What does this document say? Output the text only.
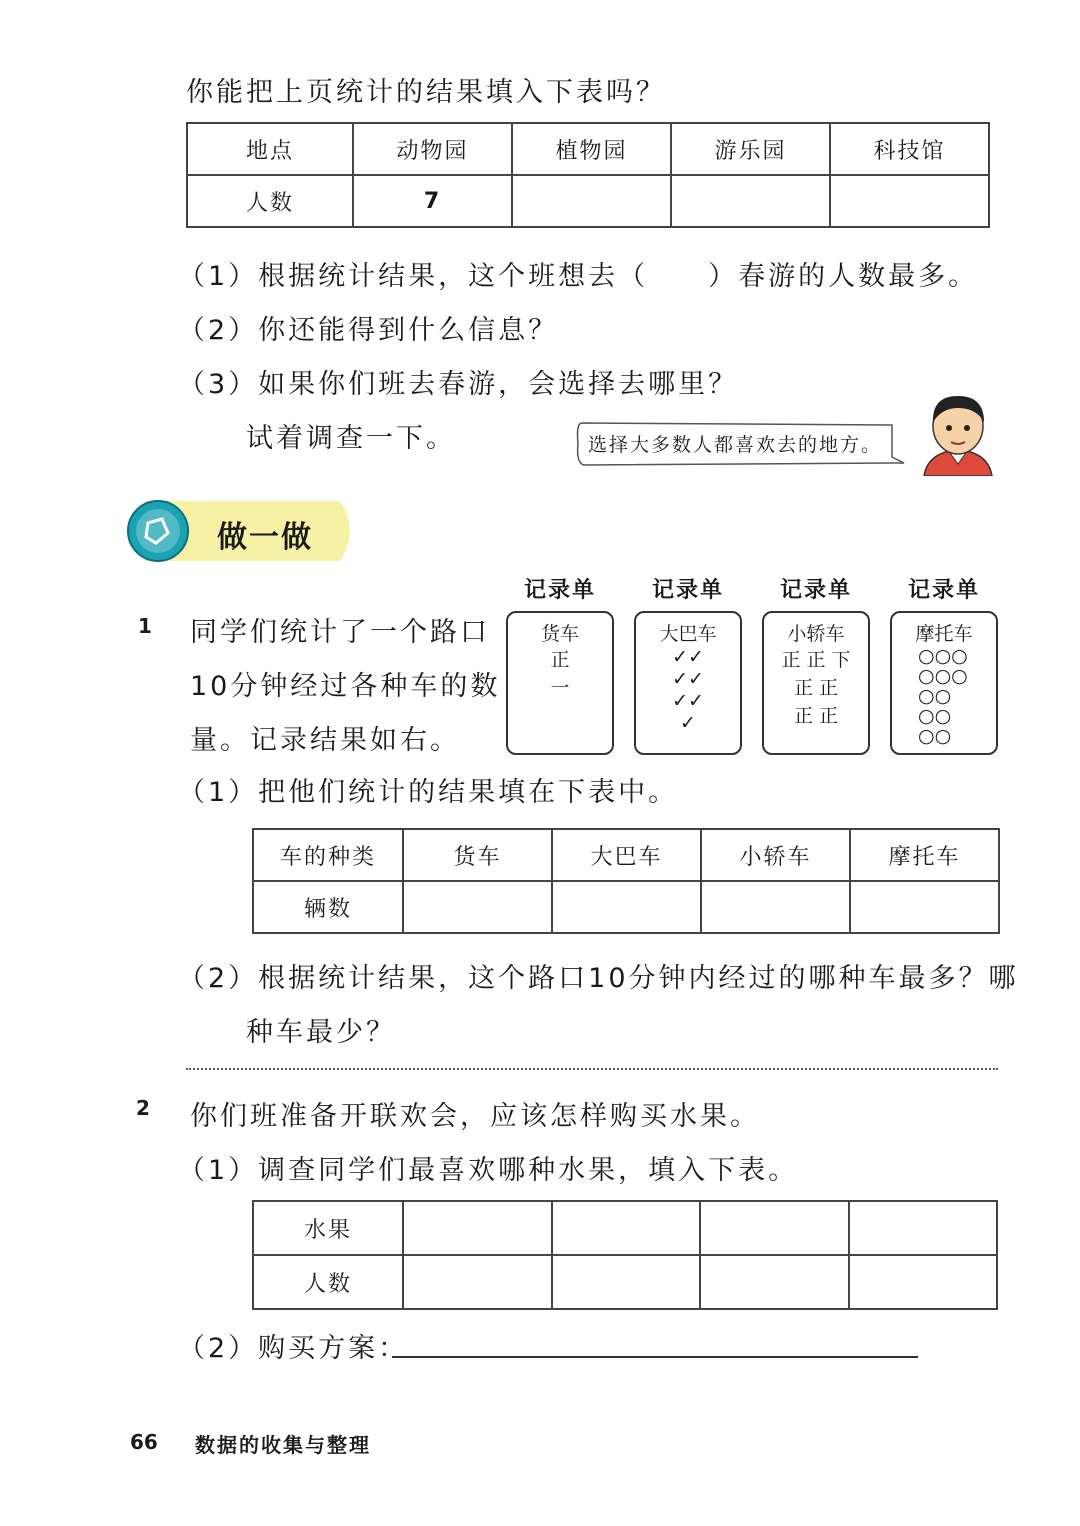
你能把上页统计的结果填入下表吗？
地点	动物园	植物园	游乐园	科技馆
人数	7			
（1）根据统计结果，这个班想去（　　）春游的人数最多。
（2）你还能得到什么信息？
（3）如果你们班去春游，会选择去哪里？
试着调查一下。	选择大多数人都喜欢去的地方。
做一做
1 同学们统计了一个路口
10分钟经过各种车的数
量。记录结果如右。
记录单
货车
正
一
记录单
大巴车
✓✓
✓✓
✓✓
✓
记录单
小轿车
正 正 下
正 正
正 正
记录单
摩托车
○○○
○○○
○○
○○
○○
（1）把他们统计的结果填在下表中。
车的种类	货车	大巴车	小轿车	摩托车
辆数				
（2）根据统计结果，这个路口10分钟内经过的哪种车最多？哪
种车最少？
2 你们班准备开联欢会，应该怎样购买水果。
（1）调查同学们最喜欢哪种水果，填入下表。
水果				
人数				
（2）购买方案：
66 数据的收集与整理
